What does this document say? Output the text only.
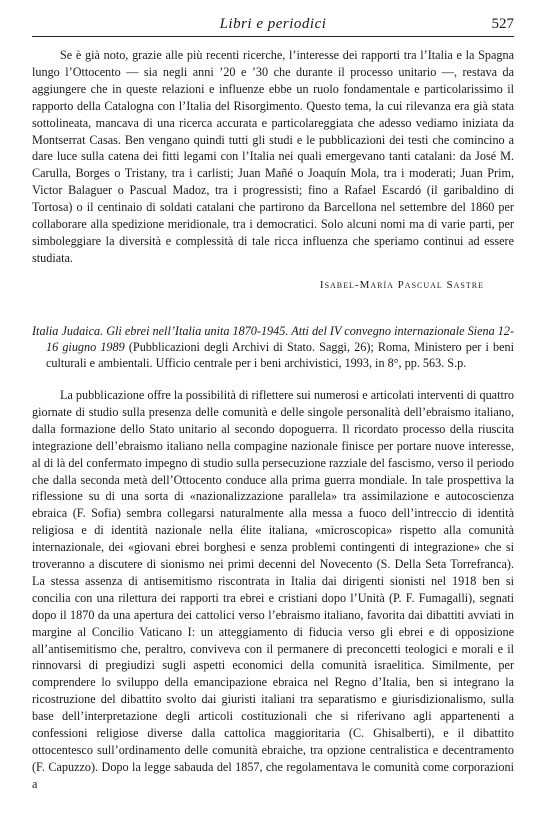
Libri e periodici	527

Se è già noto, grazie alle più recenti ricerche, l’interesse dei rapporti tra l’Italia e la Spagna lungo l’Ottocento — sia negli anni ’20 e ’30 che durante il processo unitario —, restava da aggiungere che in queste relazioni e influenze ebbe un ruolo fondamentale e particolarissimo il rapporto della Catalogna con l’Italia del Risorgimento. Questo tema, la cui rilevanza era già stata sottolineata, mancava di una ricerca accurata e particolareggiata che adesso vediamo iniziata da Montserrat Casas. Ben vengano quindi tutti gli studi e le pubblicazioni dei testi che comincino a dare luce sulla catena dei fitti legami con l’Italia nei quali emergevano tanti catalani: da José M. Carulla, Borges o Tristany, tra i carlisti; Juan Mañé o Joaquín Mola, tra i moderati; Juan Prim, Victor Balaguer o Pascual Madoz, tra i progressisti; fino a Rafael Escardó (il garibaldino di Tortosa) o il centinaio di soldati catalani che partirono da Barcellona nel settembre del 1860 per collaborare alla spedizione meridionale, tra i democratici. Solo alcuni nomi ma di varie parti, per simboleggiare la diversità e complessità di tale ricca influenza che speriamo continui ad essere studiata.

Isabel-María Pascual Sastre
Italia Judaica. Gli ebrei nell’Italia unita 1870-1945. Atti del IV convegno internazionale Siena 12-16 giugno 1989 (Pubblicazioni degli Archivi di Stato. Saggi, 26); Roma, Ministero per i beni culturali e ambientali. Ufficio centrale per i beni archivistici, 1993, in 8°, pp. 563. S.p.

La pubblicazione offre la possibilità di riflettere sui numerosi e articolati interventi di quattro giornate di studio sulla presenza delle comunità e delle singole personalità dell’ebraismo italiano, dalla formazione dello Stato unitario al secondo dopoguerra. Il ricordato processo della riuscita integrazione dell’ebraismo italiano nella compagine nazionale finisce per portare nuove interesse, al di là del confermato impegno di studio sulla persecuzione razziale del fascismo, verso il periodo che dalla seconda metà dell’Ottocento conduce alla prima guerra mondiale. In tale prospettiva la riflessione su di una sorta di «nazionalizzazione parallela» tra assimilazione e autocoscienza ebraica (F. Sofia) sembra collegarsi naturalmente alla messa a fuoco dell’intreccio di identità religiosa e di identità nazionale nella élite italiana, «microscopica» rispetto alla comunità internazionale, dei «giovani ebrei borghesi e senza problemi contingenti di integrazione» che si troveranno a discutere di sionismo nei primi decenni del Novecento (S. Della Seta Torrefranca). La stessa assenza di antisemitismo riscontrata in Italia dai dirigenti sionisti nel 1918 ben si concilia con una rilettura dei rapporti tra ebrei e cristiani dopo l’Unità (P. F. Fumagalli), segnati dopo il 1870 da una apertura dei cattolici verso l’ebraismo italiano, favorita dai dibattiti avviati in margine al Concilio Vaticano I: un atteggiamento di fiducia verso gli ebrei e di opposizione all’antisemitismo che, peraltro, conviveva con il permanere di preconcetti teologici e morali e il rinnovarsi di pregiudizi sugli aspetti economici della comunità israelitica. Similmente, per comprendere lo sviluppo della emancipazione ebraica nel Regno d’Italia, ben si integrano la ricostruzione del dibattito svolto dai giuristi italiani tra separatismo e giurisdizionalismo, sulla base dell’interpretazione degli articoli costituzionali che si riferivano agli appartenenti a confessioni religiose diverse dalla cattolica maggioritaria (C. Ghisalberti), e il dibattito ottocentesco sull’ordinamento delle comunità ebraiche, tra opzione centralistica e decentramento (F. Capuzzo). Dopo la legge sabauda del 1857, che regolamentava le comunità come corporazioni a
